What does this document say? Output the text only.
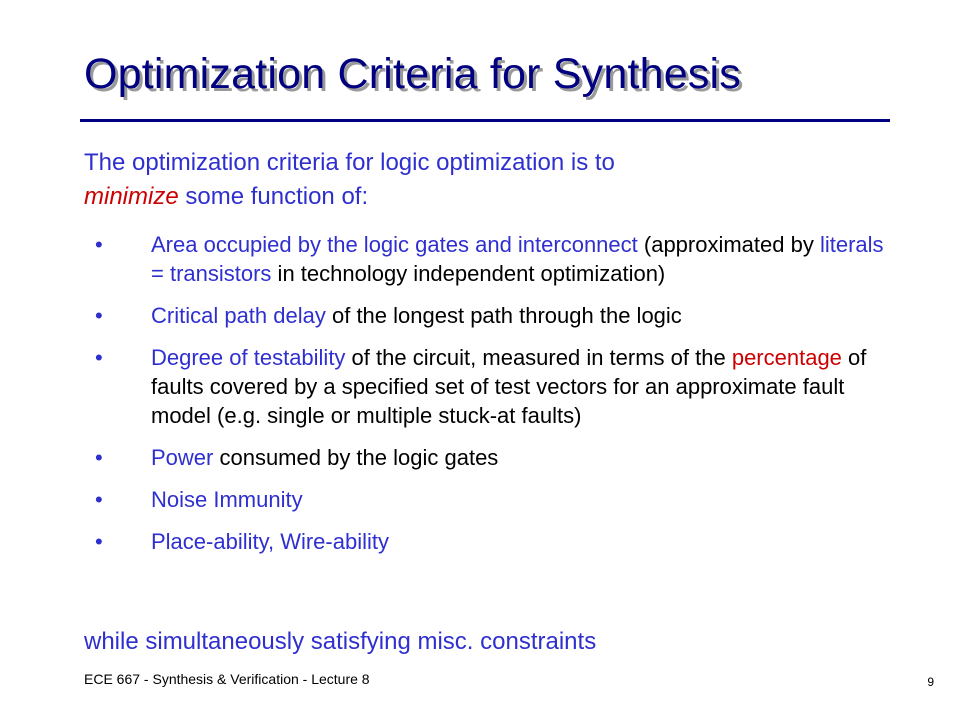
Optimization Criteria for Synthesis
The optimization criteria for logic optimization is to
minimize some function of:
• Area occupied by the logic gates and interconnect (approximated by literals = transistors in technology independent optimization)
• Critical path delay of the longest path through the logic
• Degree of testability of the circuit, measured in terms of the percentage of faults covered by a specified set of test vectors for an approximate fault model (e.g. single or multiple stuck-at faults)
• Power consumed by the logic gates
• Noise Immunity
• Place-ability, Wire-ability
while simultaneously satisfying misc. constraints
ECE 667 - Synthesis & Verification - Lecture 8	9
